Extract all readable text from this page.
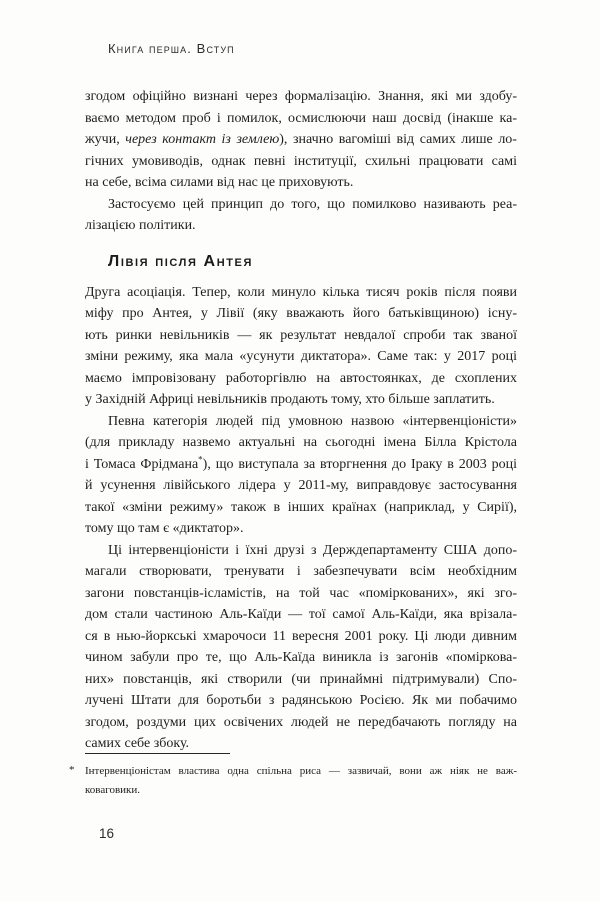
Книга перша. Вступ
згодом офіційно визнані через формалізацію. Знання, які ми здобу-
ваємо методом проб і помилок, осмислюючи наш досвід (інакше ка-
жучи, через контакт із землею), значно вагоміші від самих лише ло-
гічних умовиводів, однак певні інституції, схильні працювати самі
на себе, всіма силами від нас це приховують.
Застосуємо цей принцип до того, що помилково називають реа-
лізацією політики.
Лівія після Антея
Друга асоціація. Тепер, коли минуло кілька тисяч років після появи
міфу про Антея, у Лівії (яку вважають його батьківщиною) існу-
ють ринки невільників — як результат невдалої спроби так званої
зміни режиму, яка мала «усунути диктатора». Саме так: у 2017 році
маємо імпровізовану работоргівлю на автостоянках, де схоплених
у Західній Африці невільників продають тому, хто більше заплатить.
Певна категорія людей під умовною назвою «інтервенціоністи»
(для прикладу назвемо актуальні на сьогодні імена Білла Крістола
і Томаса Фрідмана*), що виступала за вторгнення до Іраку в 2003 році
й усунення лівійського лідера у 2011-му, виправдовує застосування
такої «зміни режиму» також в інших країнах (наприклад, у Сирії),
тому що там є «диктатор».
Ці інтервенціоністи і їхні друзі з Держдепартаменту США допо-
магали створювати, тренувати і забезпечувати всім необхідним
загони повстанців-ісламістів, на той час «поміркованих», які зго-
дом стали частиною Аль-Каїди — тої самої Аль-Каїди, яка врізала-
ся в нью-йоркські хмарочоси 11 вересня 2001 року. Ці люди дивним
чином забули про те, що Аль-Каїда виникла із загонів «поміркова-
них» повстанців, які створили (чи принаймні підтримували) Спо-
лучені Штати для боротьби з радянською Росією. Як ми побачимо
згодом, роздуми цих освічених людей не передбачають погляду на
самих себе збоку.
* Інтервенціоністам властива одна спільна риса — зазвичай, вони аж ніяк не важ-
коваговики.
16
